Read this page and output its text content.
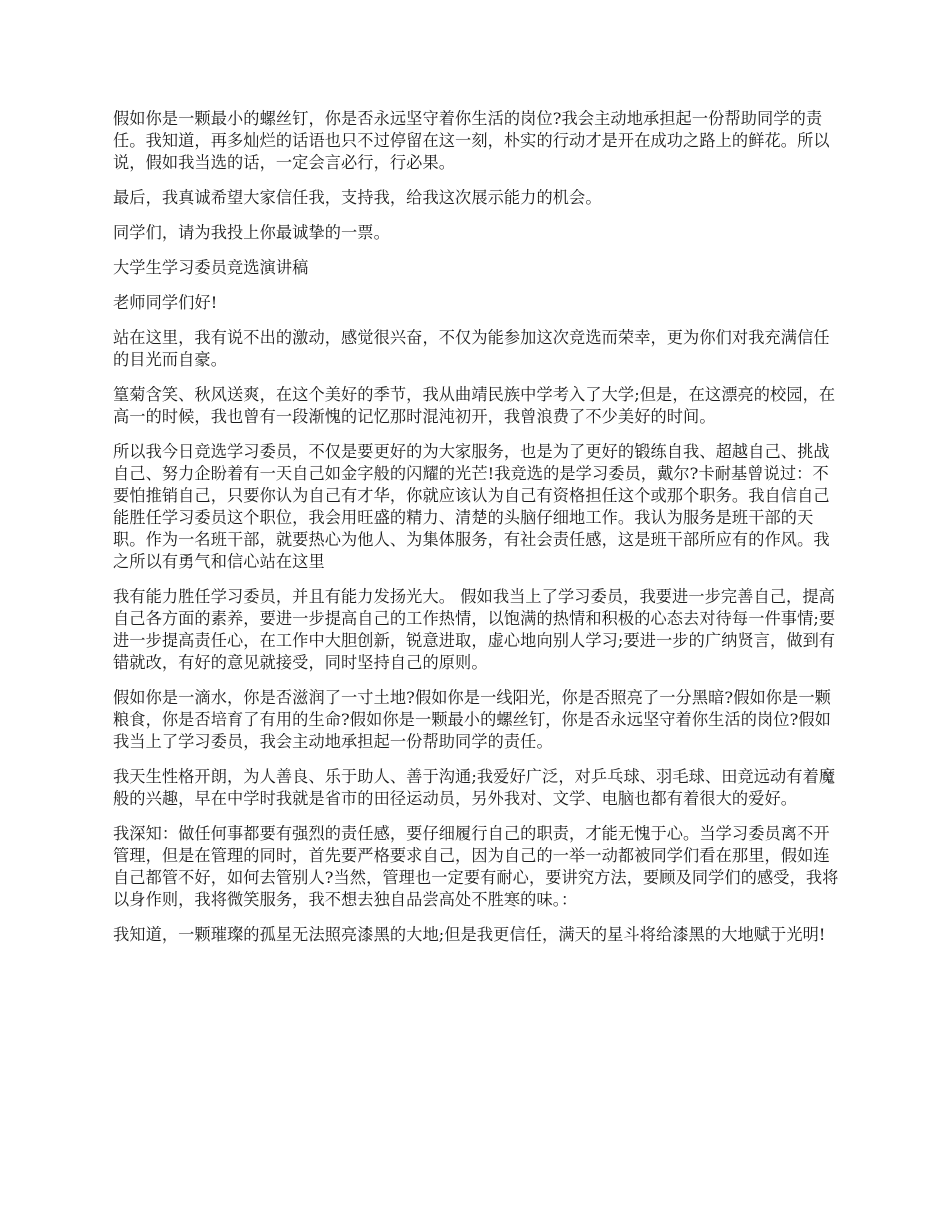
假如你是一颗最小的螺丝钉，你是否永远坚守着你生活的岗位?我会主动地承担起一份帮助同学的责任。我知道，再多灿烂的话语也只不过停留在这一刻，朴实的行动才是开在成功之路上的鲜花。所以说，假如我当选的话，一定会言必行，行必果。

最后，我真诚希望大家信任我，支持我，给我这次展示能力的机会。

同学们，请为我投上你最诚挚的一票。

大学生学习委员竞选演讲稿

老师同学们好!

站在这里，我有说不出的激动，感觉很兴奋，不仅为能参加这次竞选而荣幸，更为你们对我充满信任的目光而自豪。

篁菊含笑、秋风送爽，在这个美好的季节，我从曲靖民族中学考入了大学;但是，在这漂亮的校园，在高一的时候，我也曾有一段渐愧的记忆那时混沌初开，我曾浪费了不少美好的时间。

所以我今日竞选学习委员，不仅是要更好的为大家服务，也是为了更好的锻练自我、超越自己、挑战自己、努力企盼着有一天自己如金字般的闪耀的光芒!我竞选的是学习委员，戴尔?卡耐基曾说过：不要怕推销自己，只要你认为自己有才华，你就应该认为自己有资格担任这个或那个职务。我自信自己能胜任学习委员这个职位，我会用旺盛的精力、清楚的头脑仔细地工作。我认为服务是班干部的天职。作为一名班干部，就要热心为他人、为集体服务，有社会责任感，这是班干部所应有的作风。我之所以有勇气和信心站在这里

我有能力胜任学习委员，并且有能力发扬光大。 假如我当上了学习委员，我要进一步完善自己，提高自己各方面的素养，要进一步提高自己的工作热情，以饱满的热情和积极的心态去对待每一件事情;要进一步提高责任心，在工作中大胆创新，锐意进取，虚心地向别人学习;要进一步的广纳贤言，做到有错就改，有好的意见就接受，同时坚持自己的原则。

假如你是一滴水，你是否滋润了一寸土地?假如你是一线阳光，你是否照亮了一分黑暗?假如你是一颗粮食，你是否培育了有用的生命?假如你是一颗最小的螺丝钉，你是否永远坚守着你生活的岗位?假如我当上了学习委员，我会主动地承担起一份帮助同学的责任。

我天生性格开朗，为人善良、乐于助人、善于沟通;我爱好广泛，对乒乓球、羽毛球、田竞远动有着魔般的兴趣，早在中学时我就是省市的田径运动员，另外我对、文学、电脑也都有着很大的爱好。

我深知：做任何事都要有强烈的责任感，要仔细履行自己的职责，才能无愧于心。当学习委员离不开管理，但是在管理的同时，首先要严格要求自己，因为自己的一举一动都被同学们看在那里，假如连自己都管不好，如何去管别人?当然，管理也一定要有耐心，要讲究方法，要顾及同学们的感受，我将以身作则，我将微笑服务，我不想去独自品尝高处不胜寒的味。：

我知道，一颗璀璨的孤星无法照亮漆黑的大地;但是我更信任，满天的星斗将给漆黑的大地赋于光明!
